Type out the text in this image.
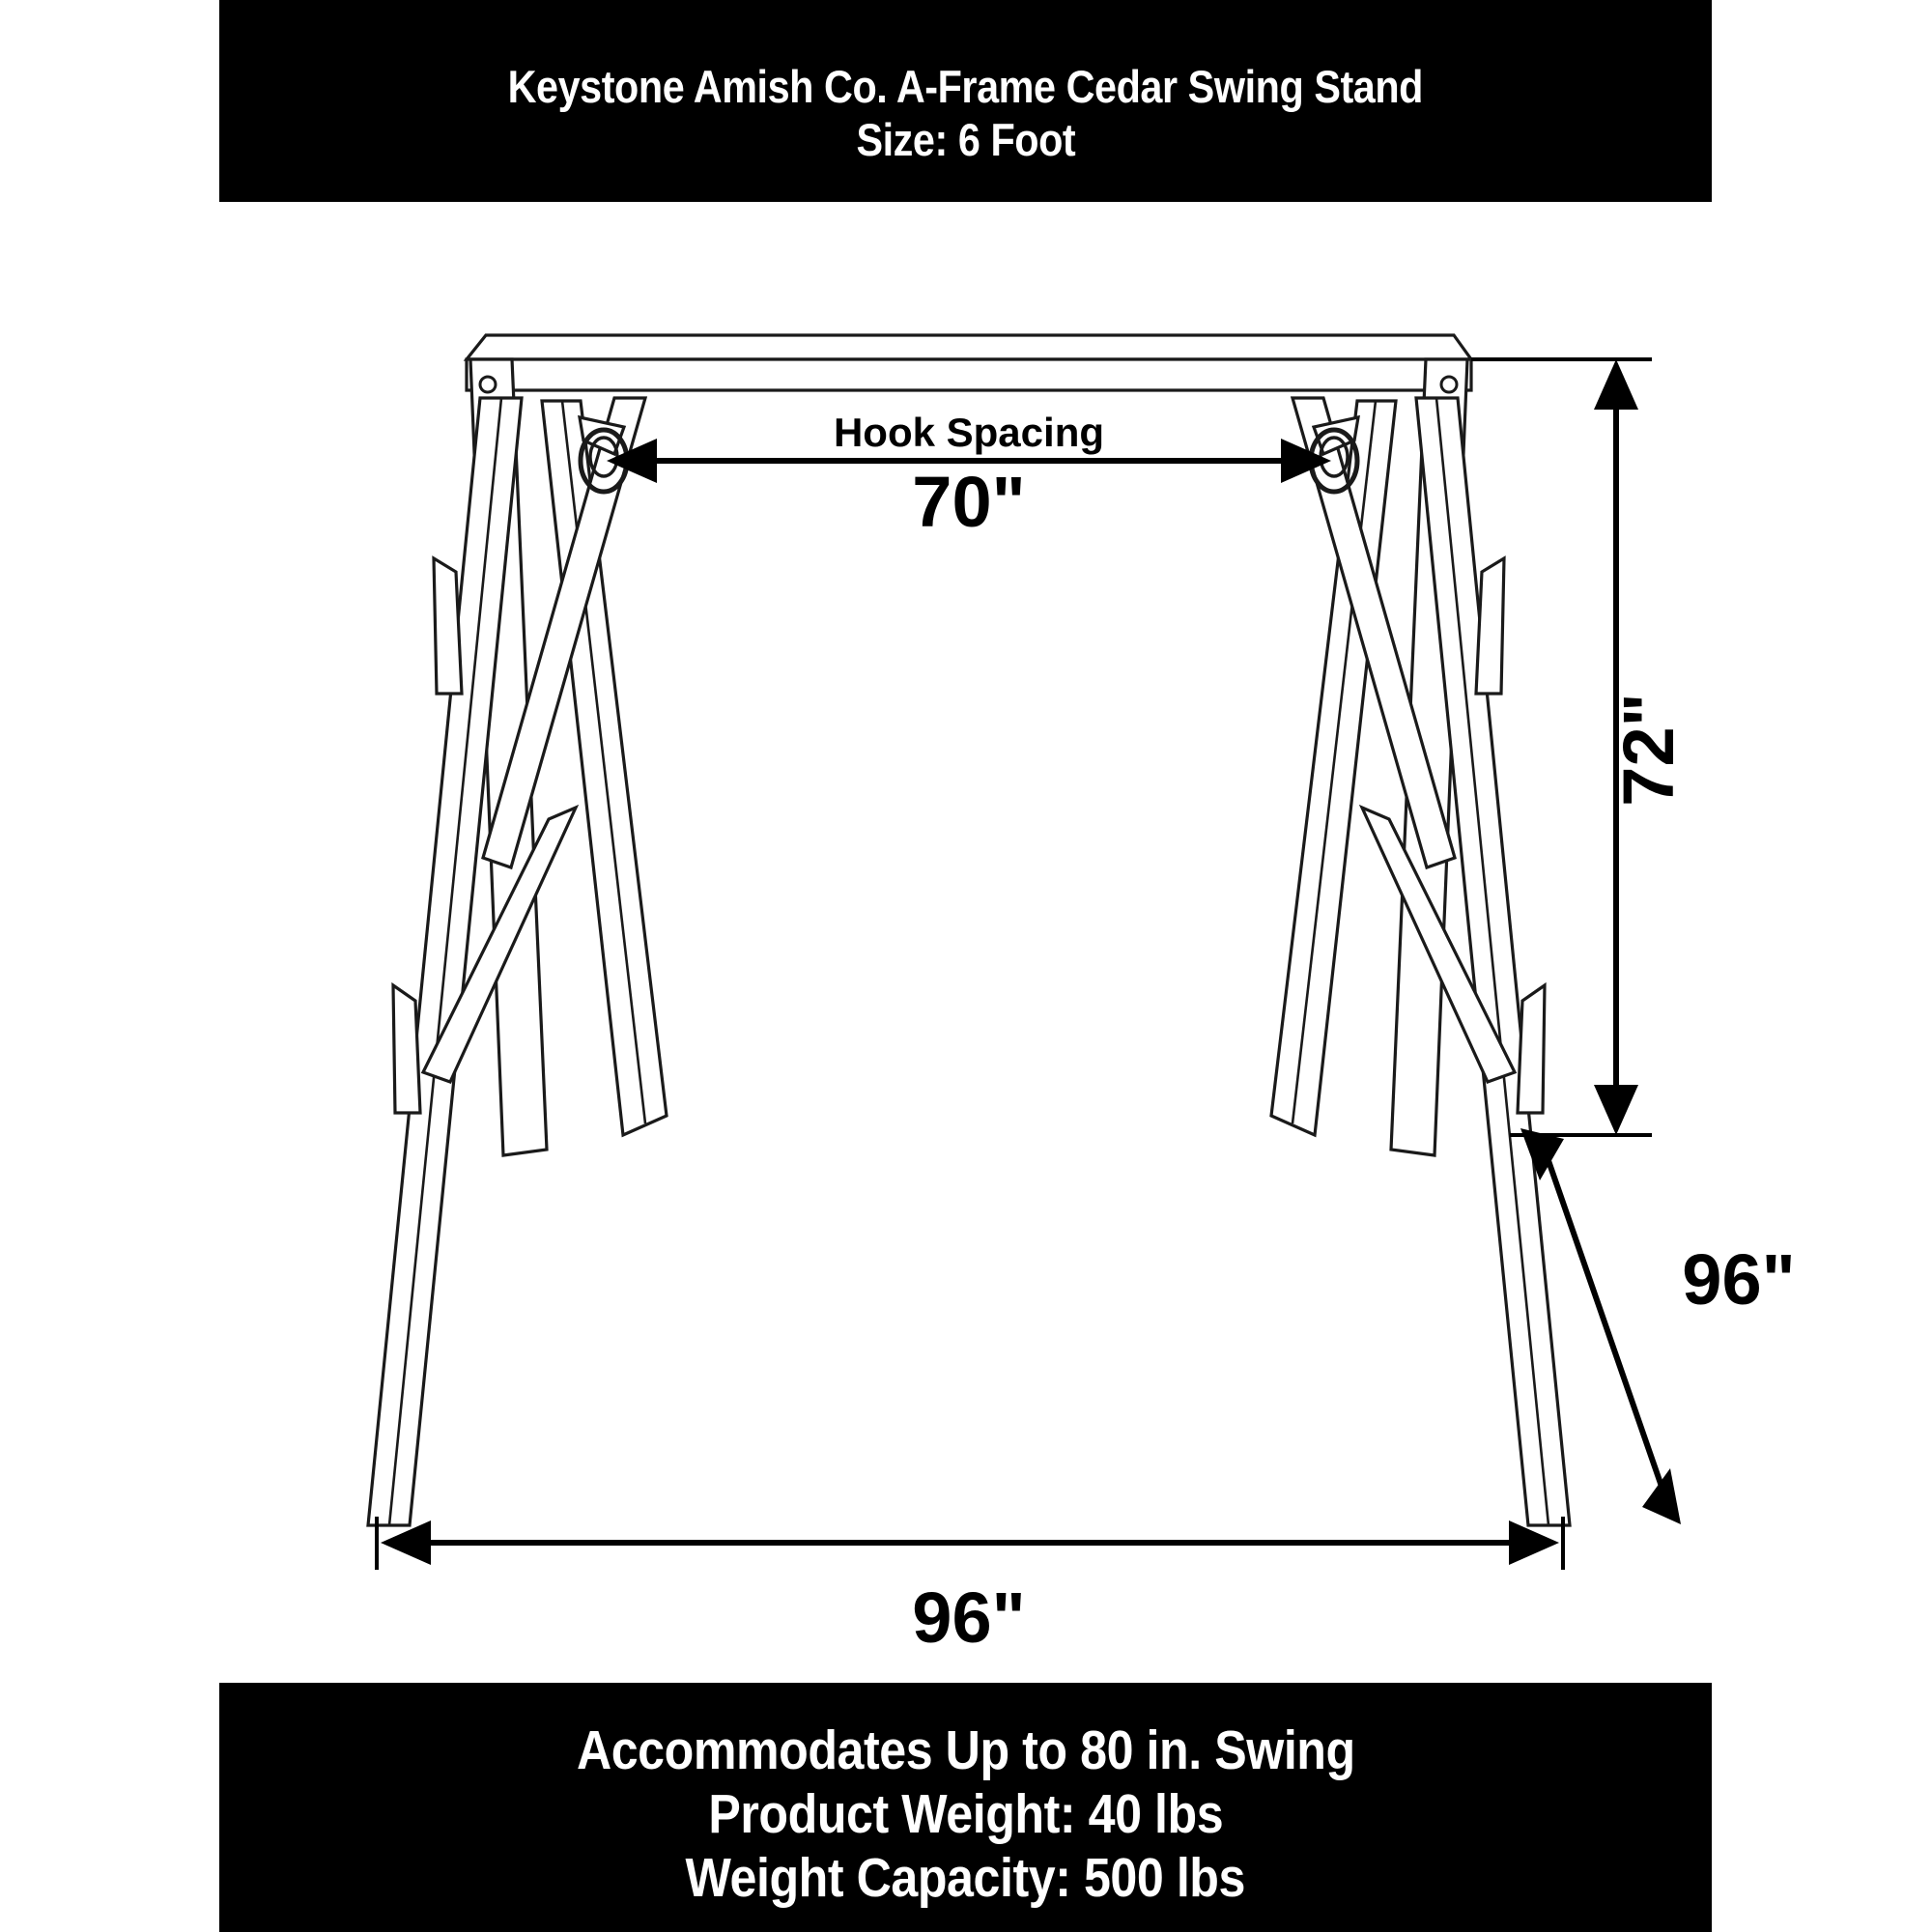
Keystone Amish Co. A-Frame Cedar Swing Stand
Size: 6 Foot
Hook Spacing
70"
72"
96"
96"
Accommodates Up to 80 in. Swing
Product Weight: 40 lbs
Weight Capacity: 500 lbs
